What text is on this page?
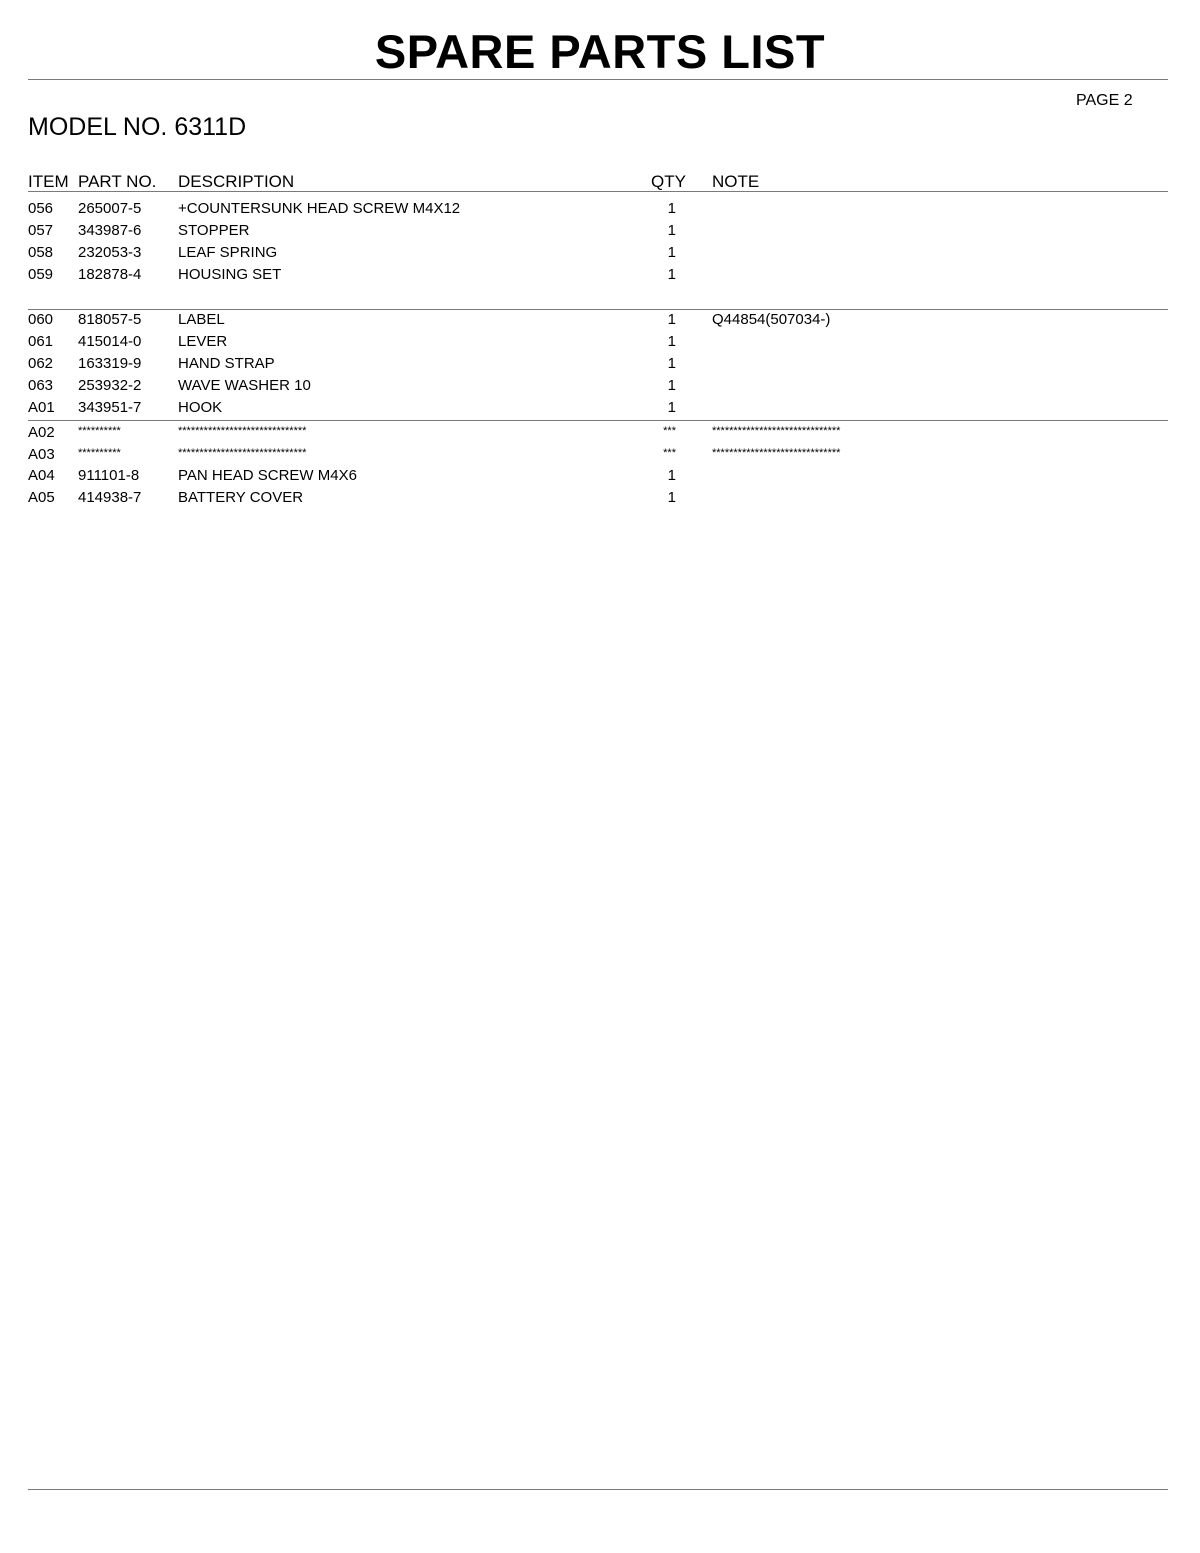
SPARE PARTS LIST
PAGE 2
MODEL NO. 6311D
ITEM PART NO. DESCRIPTION	QTY NOTE
056 265007-5 +COUNTERSUNK HEAD SCREW M4X12	1
057 343987-6 STOPPER	1
058 232053-3 LEAF SPRING	1
059 182878-4 HOUSING SET	1
060 818057-5 LABEL	1 Q44854(507034-)
061 415014-0 LEVER	1
062 163319-9 HAND STRAP	1
063 253932-2 WAVE WASHER 10	1
A01 343951-7 HOOK	1
A02 **********	******************************	***	******************************
A03 **********	******************************	***	******************************
A04 911101-8	PAN HEAD SCREW M4X6	1
A05 414938-7 BATTERY COVER	1
